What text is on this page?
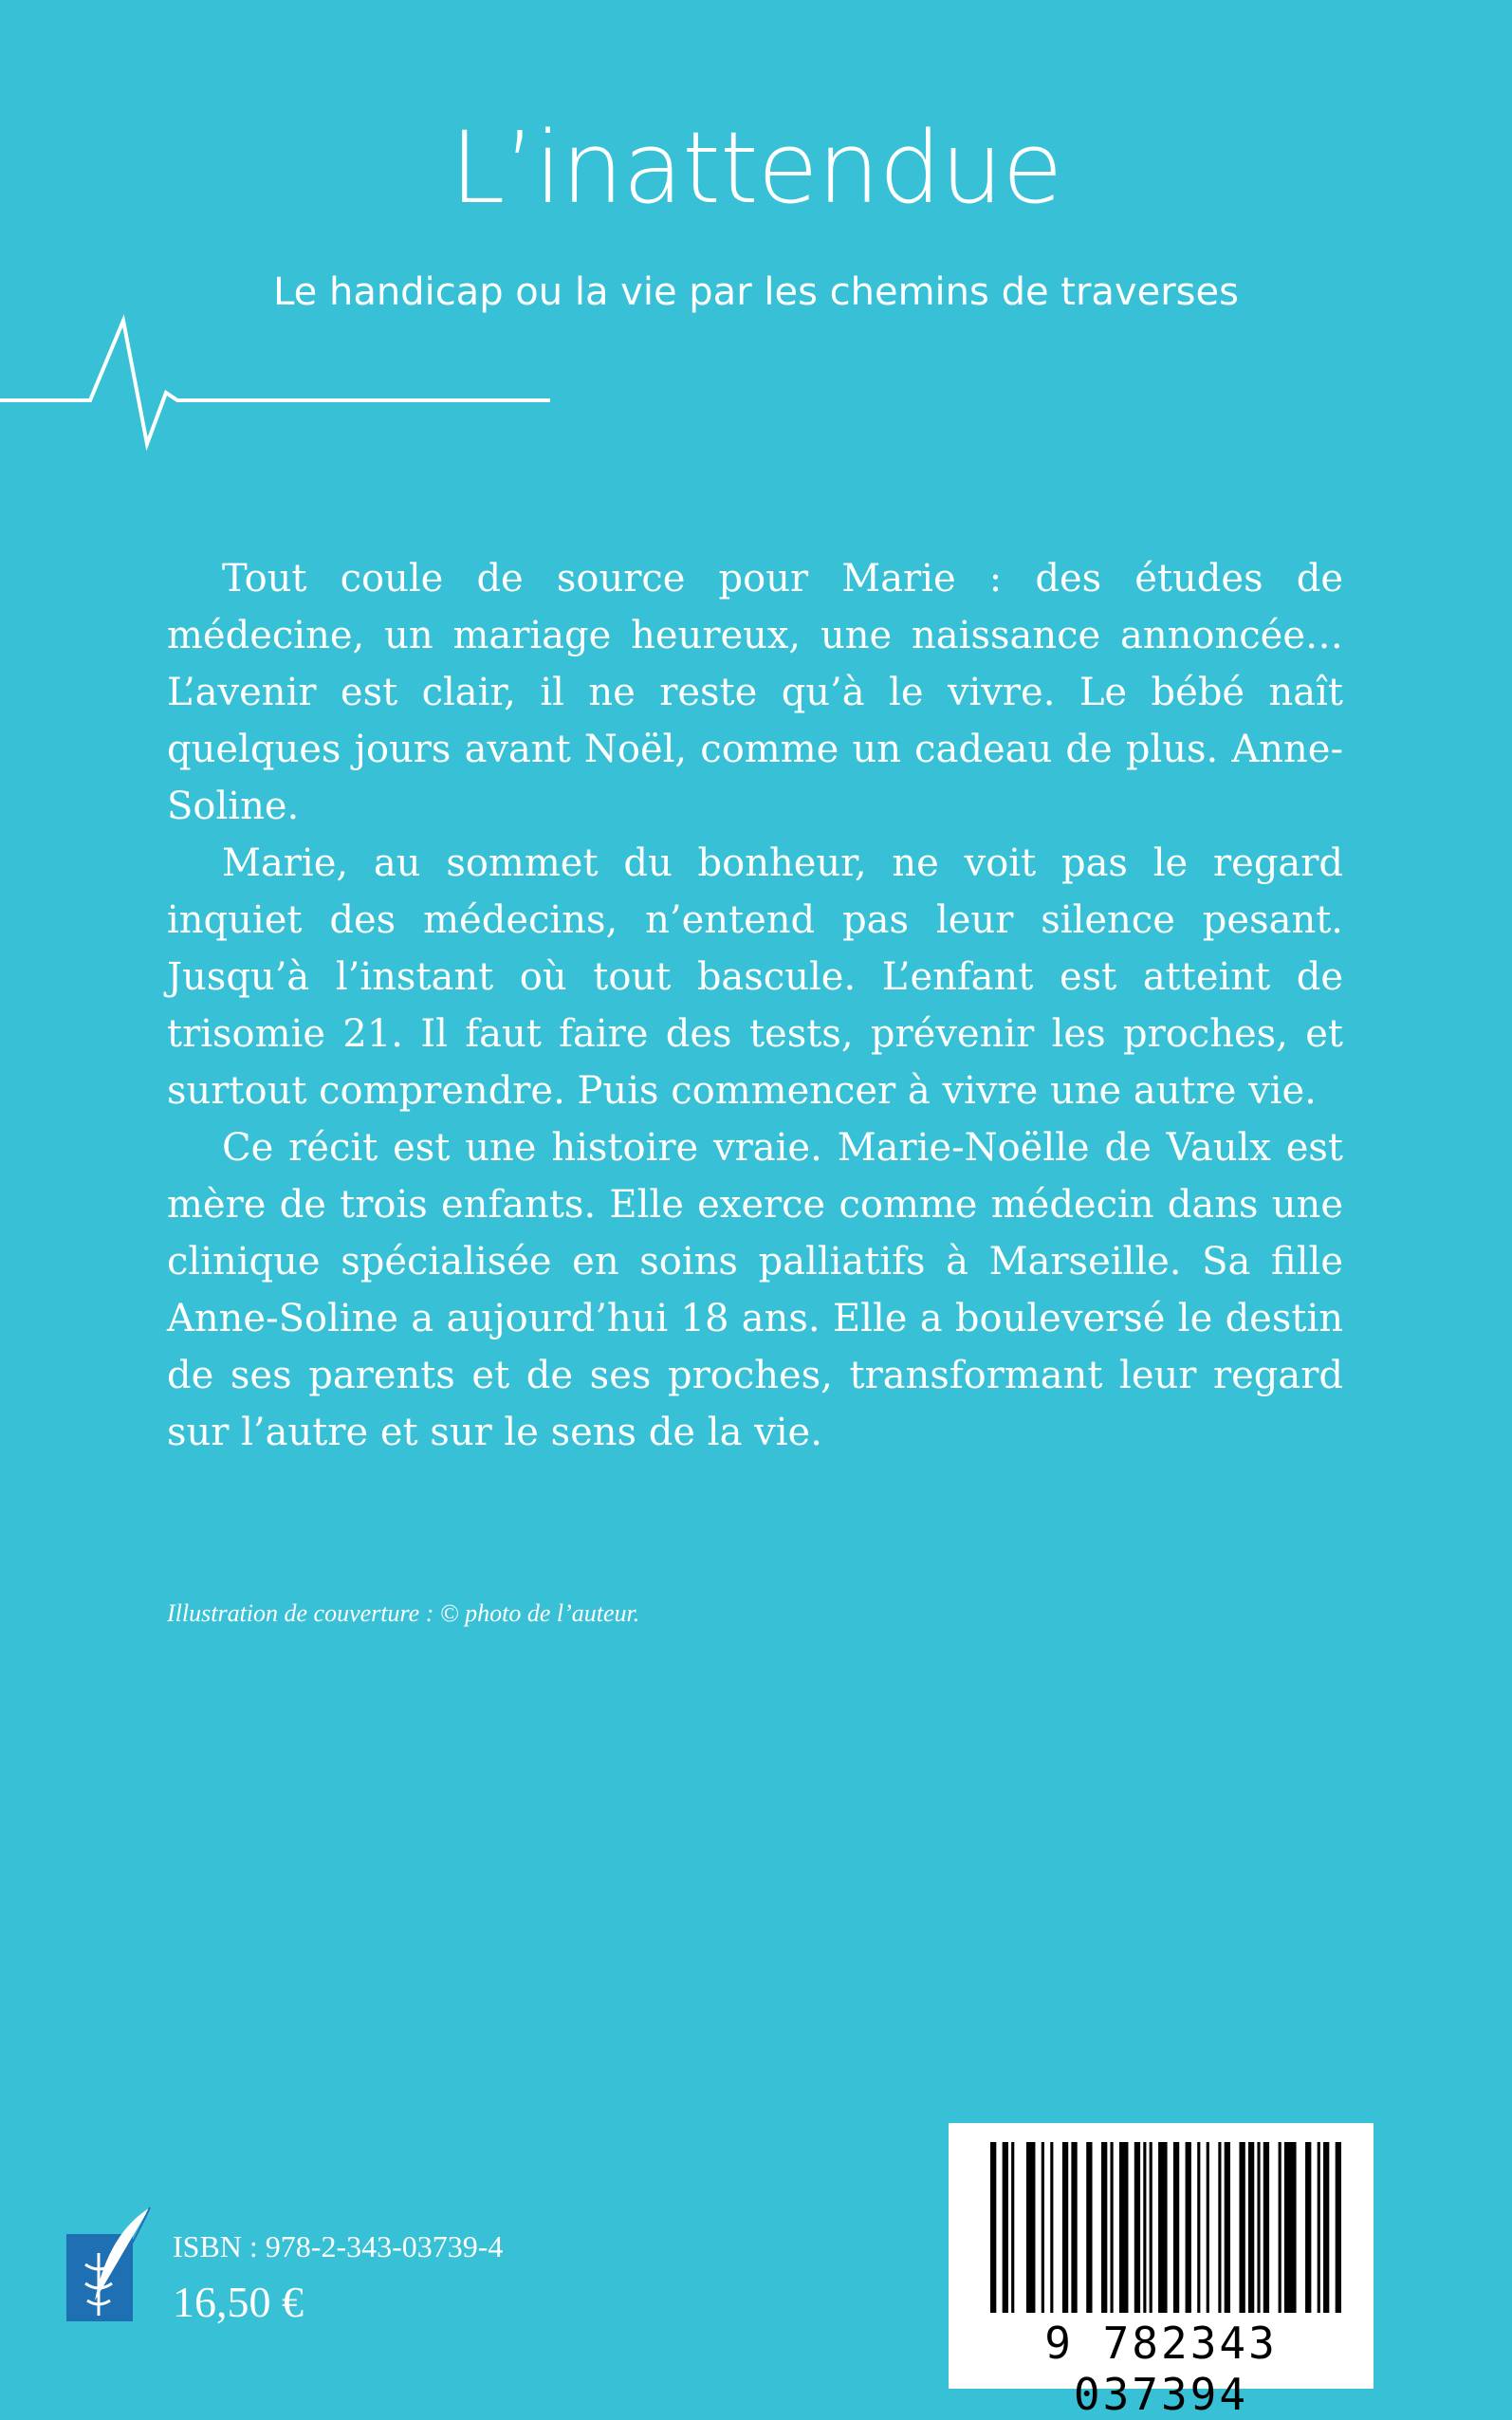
L’inattendue
Le handicap ou la vie par les chemins de traverses

Tout coule de source pour Marie : des études de médecine, un mariage heureux, une naissance annoncée… L’avenir est clair, il ne reste qu’à le vivre. Le bébé naît quelques jours avant Noël, comme un cadeau de plus. Anne-Soline.

Marie, au sommet du bonheur, ne voit pas le regard inquiet des médecins, n’entend pas leur silence pesant. Jusqu’à l’instant où tout bascule. L’enfant est atteint de trisomie 21. Il faut faire des tests, prévenir les proches, et surtout comprendre. Puis commencer à vivre une autre vie.

Ce récit est une histoire vraie. Marie-Noëlle de Vaulx est mère de trois enfants. Elle exerce comme médecin dans une clinique spécialisée en soins palliatifs à Marseille. Sa fille Anne-Soline a aujourd’hui 18 ans. Elle a bouleversé le destin de ses parents et de ses proches, transformant leur regard sur l’autre et sur le sens de la vie.

Illustration de couverture : © photo de l’auteur.
ISBN : 978-2-343-03739-4
16,50 €
9 782343 037394
